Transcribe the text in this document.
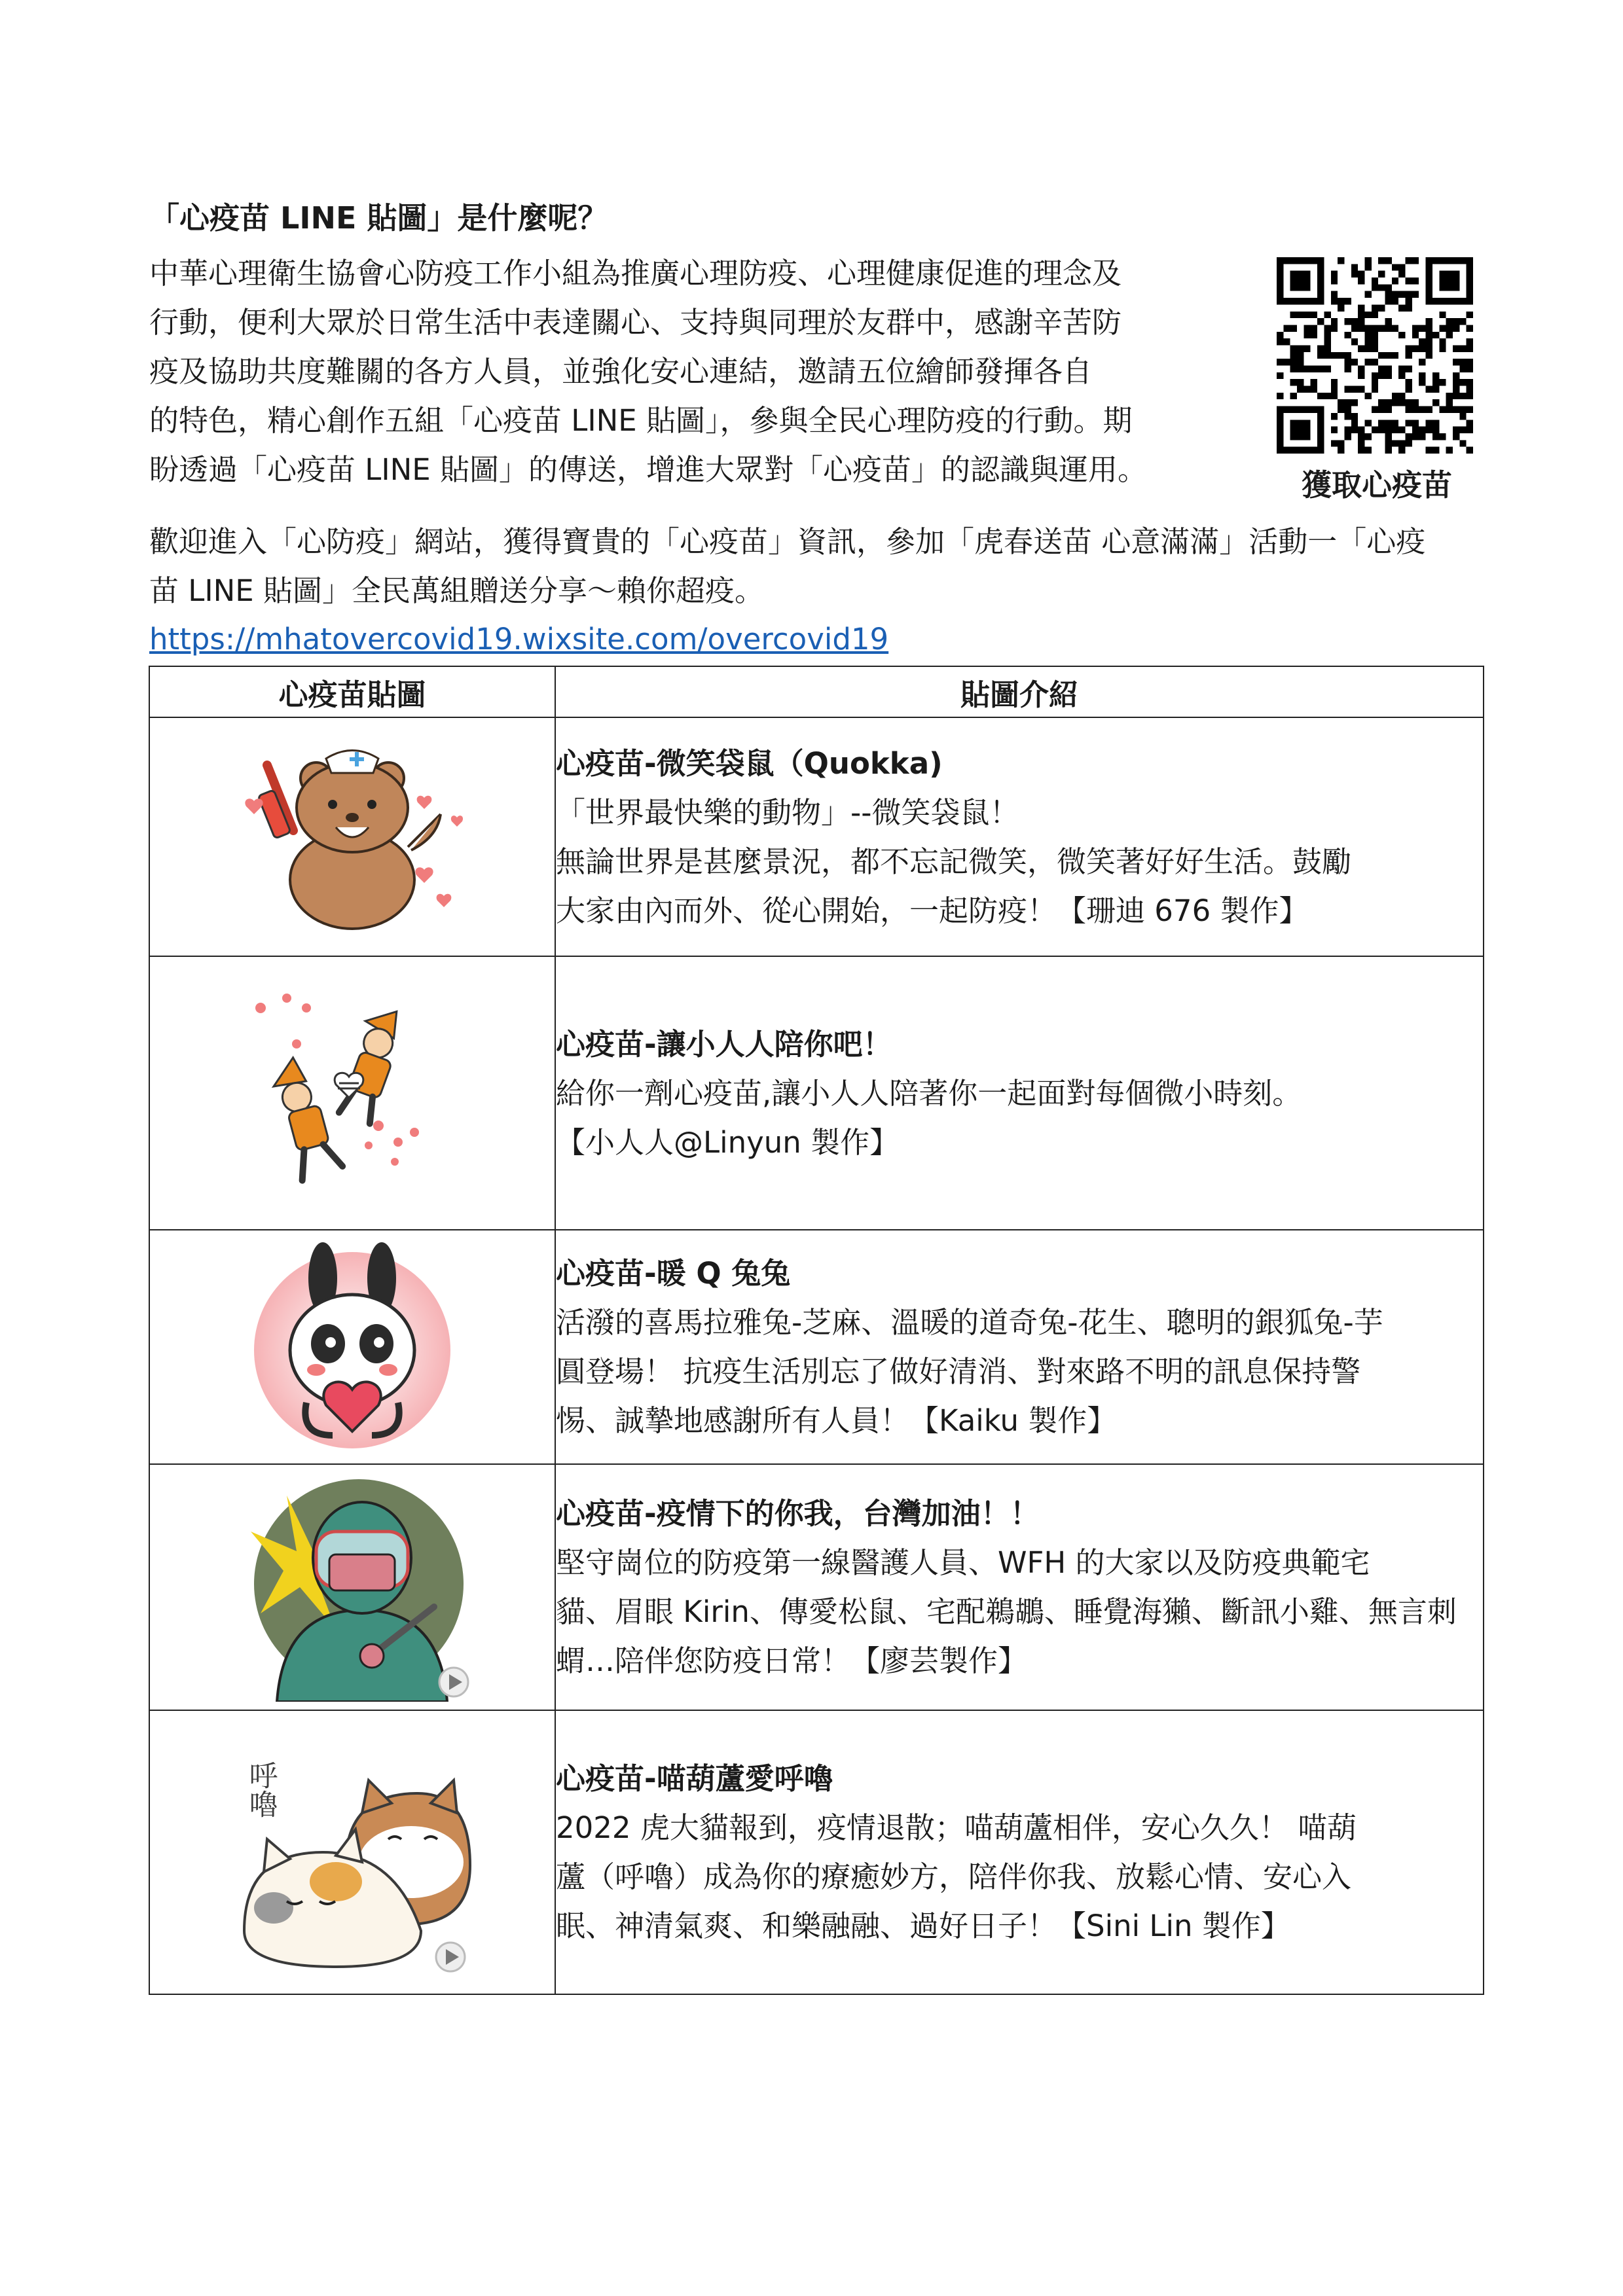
「心疫苗 LINE 貼圖」是什麼呢？
中華心理衛生協會心防疫工作小組為推廣心理防疫、心理健康促進的理念及
行動，便利大眾於日常生活中表達關心、支持與同理於友群中，感謝辛苦防
疫及協助共度難關的各方人員，並強化安心連結，邀請五位繪師發揮各自
的特色，精心創作五組「心疫苗 LINE 貼圖」，參與全民心理防疫的行動。期
盼透過「心疫苗 LINE 貼圖」的傳送，增進大眾對「心疫苗」的認識與運用。	獲取心疫苗
歡迎進入「心防疫」網站，獲得寶貴的「心疫苗」資訊，參加「虎春送苗 心意滿滿」活動一「心疫
苗 LINE 貼圖」全民萬組贈送分享～賴你超疫。
https://mhatovercovid19.wixsite.com/overcovid19
心疫苗貼圖	貼圖介紹

心疫苗-微笑袋鼠（Quokka)
「世界最快樂的動物」--微笑袋鼠！
無論世界是甚麼景況，都不忘記微笑，微笑著好好生活。鼓勵
大家由內而外、從心開始，一起防疫！【珊迪 676 製作】

心疫苗-讓小人人陪你吧！
給你一劑心疫苗,讓小人人陪著你一起面對每個微小時刻。
【小人人@Linyun 製作】

心疫苗-暖 Q 兔兔
活潑的喜馬拉雅兔-芝麻、溫暖的道奇兔-花生、聰明的銀狐兔-芋
圓登場！ 抗疫生活別忘了做好清消、對來路不明的訊息保持警
惕、誠摯地感謝所有人員！【Kaiku 製作】

心疫苗-疫情下的你我，台灣加油！！
堅守崗位的防疫第一線醫護人員、WFH 的大家以及防疫典範宅
貓、眉眼 Kirin、傳愛松鼠、宅配鵜鶘、睡覺海獺、斷訊小雞、無言刺
蝟…陪伴您防疫日常！【廖芸製作】

呼嚕	心疫苗-喵葫蘆愛呼嚕
2022 虎大貓報到，疫情退散；喵葫蘆相伴，安心久久！ 喵葫
蘆（呼嚕）成為你的療癒妙方，陪伴你我、放鬆心情、安心入
眠、神清氣爽、和樂融融、過好日子！【Sini Lin 製作】
